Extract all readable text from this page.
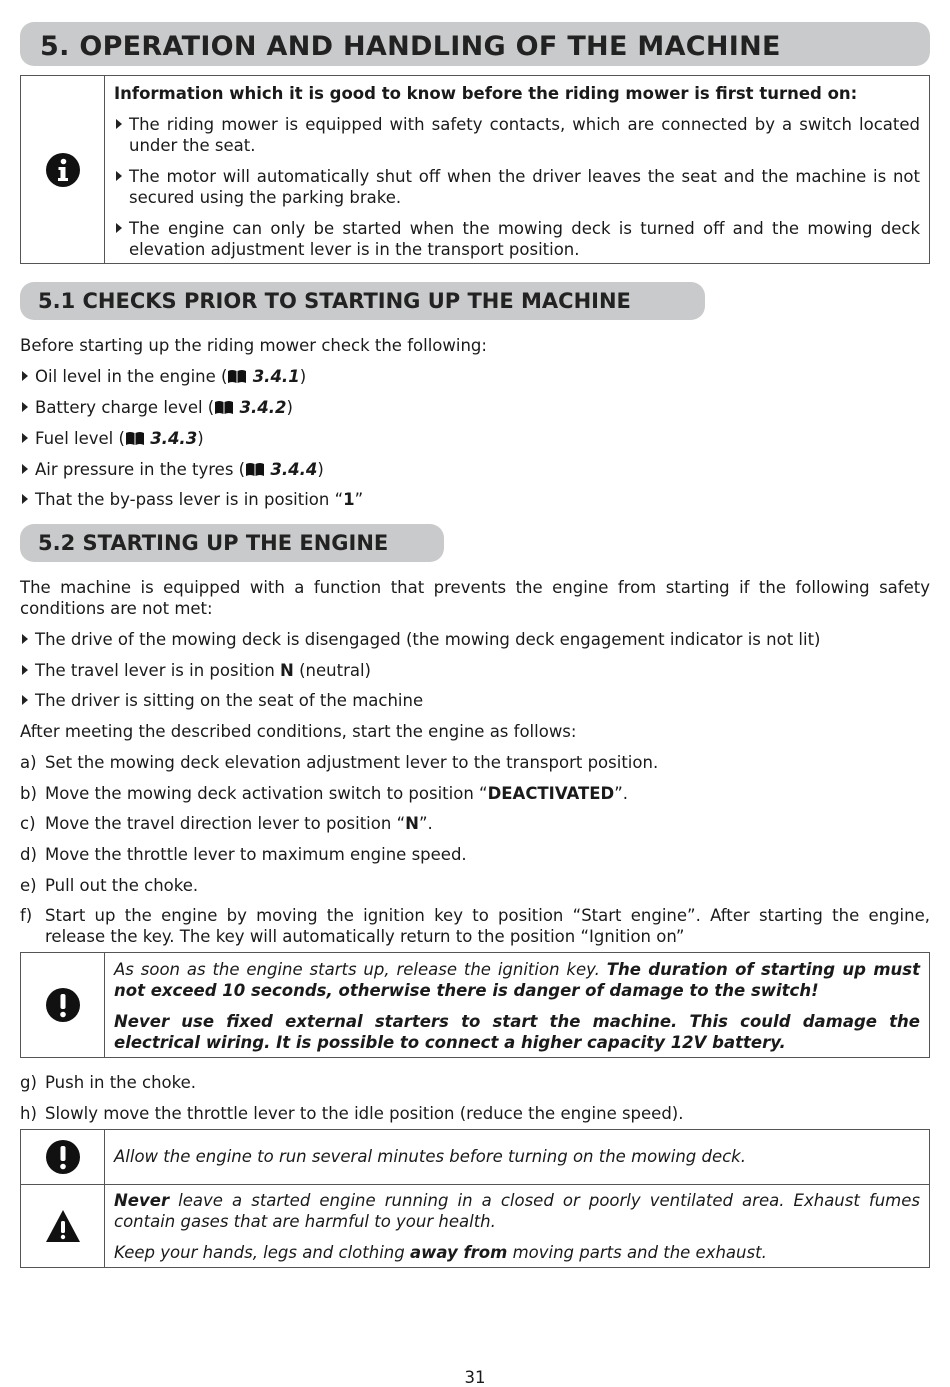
5. OPERATION AND HANDLING OF THE MACHINE

Information which it is good to know before the riding mower is first turned on:

The riding mower is equipped with safety contacts, which are connected by a switch located under the seat.

The motor will automatically shut off when the driver leaves the seat and the machine is not secured using the parking brake.

The engine can only be started when the mowing deck is turned off and the mowing deck elevation adjustment lever is in the transport position.

5.1 CHECKS PRIOR TO STARTING UP THE MACHINE
Before starting up the riding mower check the following:
Oil level in the engine ( 3.4.1)
Battery charge level ( 3.4.2)
Fuel level ( 3.4.3)
Air pressure in the tyres ( 3.4.4)
That the by-pass lever is in position “1”
5.2 STARTING UP THE ENGINE
The machine is equipped with a function that prevents the engine from starting if the following safety conditions are not met:
The drive of the mowing deck is disengaged (the mowing deck engagement indicator is not lit)
The travel lever is in position N (neutral)
The driver is sitting on the seat of the machine
After meeting the described conditions, start the engine as follows:
a) Set the mowing deck elevation adjustment lever to the transport position.
b) Move the mowing deck activation switch to position “DEACTIVATED”.
c) Move the travel direction lever to position “N”.
d) Move the throttle lever to maximum engine speed.
e) Pull out the choke.
f) Start up the engine by moving the ignition key to position “Start engine”. After starting the engine, release the key. The key will automatically return to the position “Ignition on”

As soon as the engine starts up, release the ignition key. The duration of starting up must not exceed 10 seconds, otherwise there is danger of damage to the switch!

Never use fixed external starters to start the machine. This could damage the electrical wiring. It is possible to connect a higher capacity 12V battery.

g) Push in the choke.
h) Slowly move the throttle lever to the idle position (reduce the engine speed).

Allow the engine to run several minutes before turning on the mowing deck.

Never leave a started engine running in a closed or poorly ventilated area. Exhaust fumes contain gases that are harmful to your health.

Keep your hands, legs and clothing away from moving parts and the exhaust.

31
